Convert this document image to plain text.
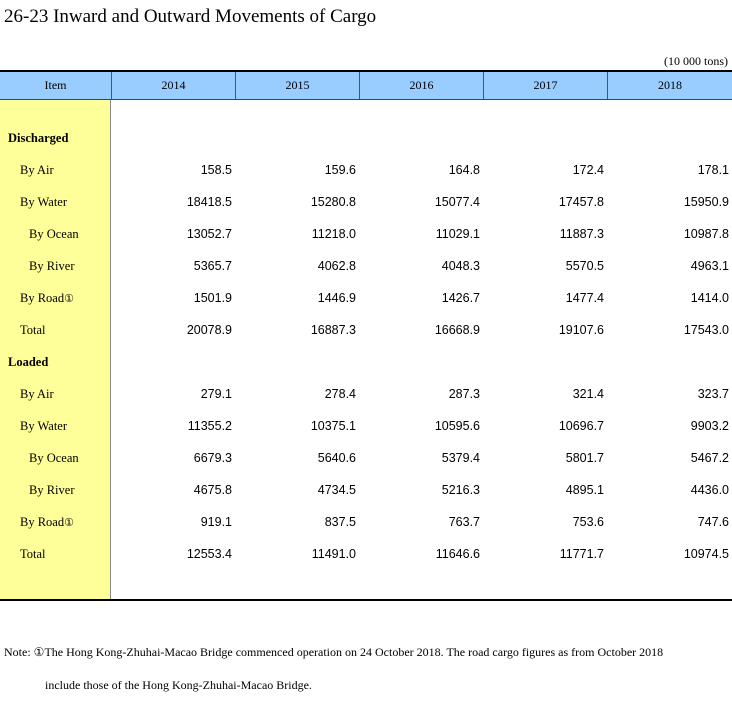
26-23 Inward and Outward Movements of Cargo
(10 000 tons)
Item	2014	2015	2016	2017	2018
Discharged
By Air	158.5	159.6	164.8	172.4	178.1
By Water	18418.5	15280.8	15077.4	17457.8	15950.9
By Ocean	13052.7	11218.0	11029.1	11887.3	10987.8
By River	5365.7	4062.8	4048.3	5570.5	4963.1
By Road①	1501.9	1446.9	1426.7	1477.4	1414.0
Total	20078.9	16887.3	16668.9	19107.6	17543.0
Loaded
By Air	279.1	278.4	287.3	321.4	323.7
By Water	11355.2	10375.1	10595.6	10696.7	9903.2
By Ocean	6679.3	5640.6	5379.4	5801.7	5467.2
By River	4675.8	4734.5	5216.3	4895.1	4436.0
By Road①	919.1	837.5	763.7	753.6	747.6
Total	12553.4	11491.0	11646.6	11771.7	10974.5
Note: ①The Hong Kong-Zhuhai-Macao Bridge commenced operation on 24 October 2018. The road cargo figures as from October 2018
include those of the Hong Kong-Zhuhai-Macao Bridge.
